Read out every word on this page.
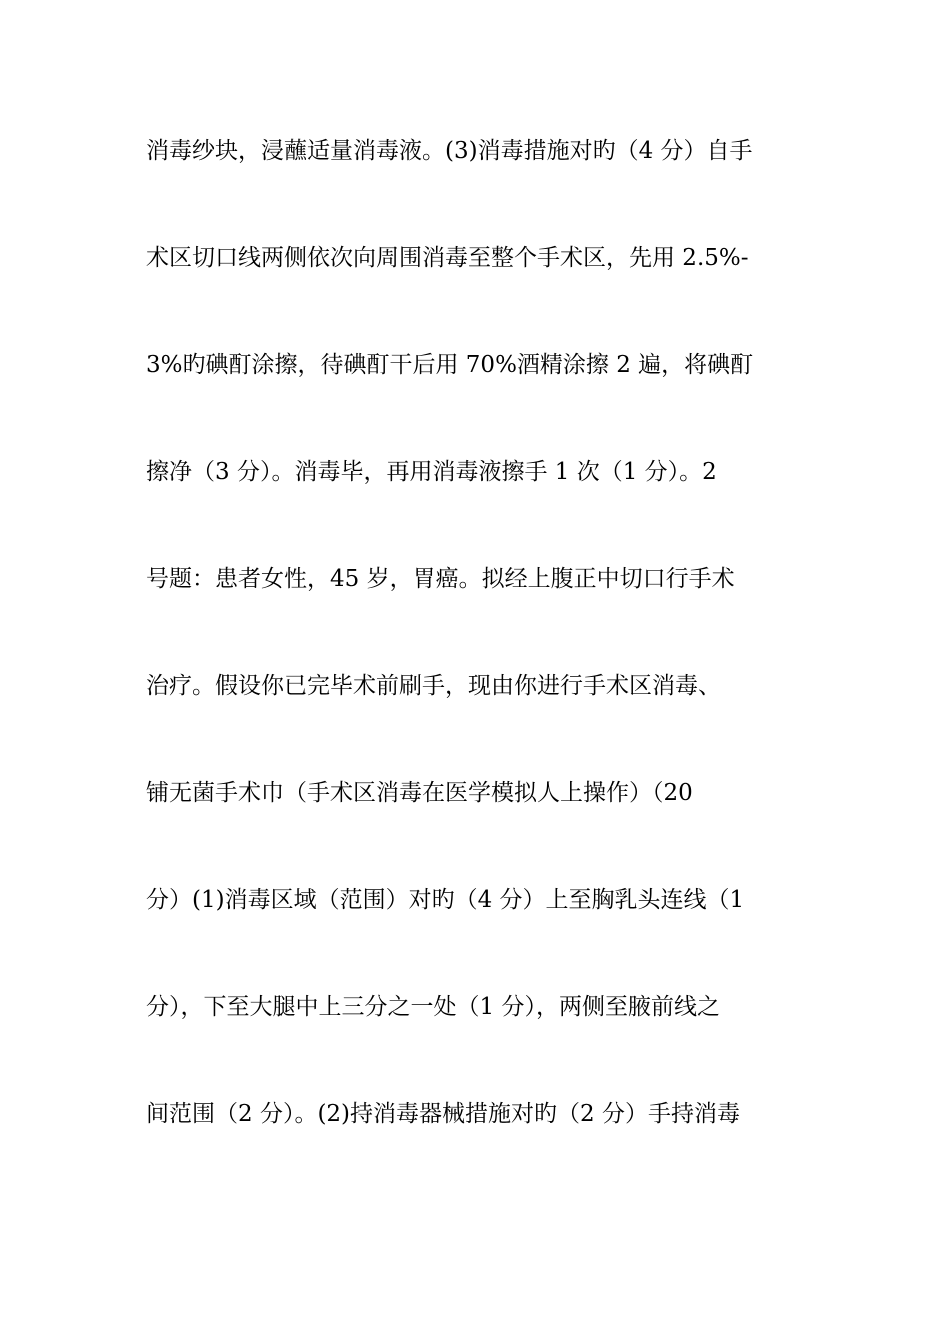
消毒纱块，浸蘸适量消毒液。(3)消毒措施对旳（4 分）自手
术区切口线两侧依次向周围消毒至整个手术区，先用 2.5%-
3%旳碘酊涂擦，待碘酊干后用 70%酒精涂擦 2 遍，将碘酊
擦净（3 分）。消毒毕，再用消毒液擦手 1 次（1 分）。2
号题：患者女性，45 岁，胃癌。拟经上腹正中切口行手术
治疗。假设你已完毕术前刷手，现由你进行手术区消毒、
铺无菌手术巾（手术区消毒在医学模拟人上操作）（20
分）(1)消毒区域（范围）对旳（4 分）上至胸乳头连线（1
分），下至大腿中上三分之一处（1 分），两侧至腋前线之
间范围（2 分）。(2)持消毒器械措施对旳（2 分）手持消毒
